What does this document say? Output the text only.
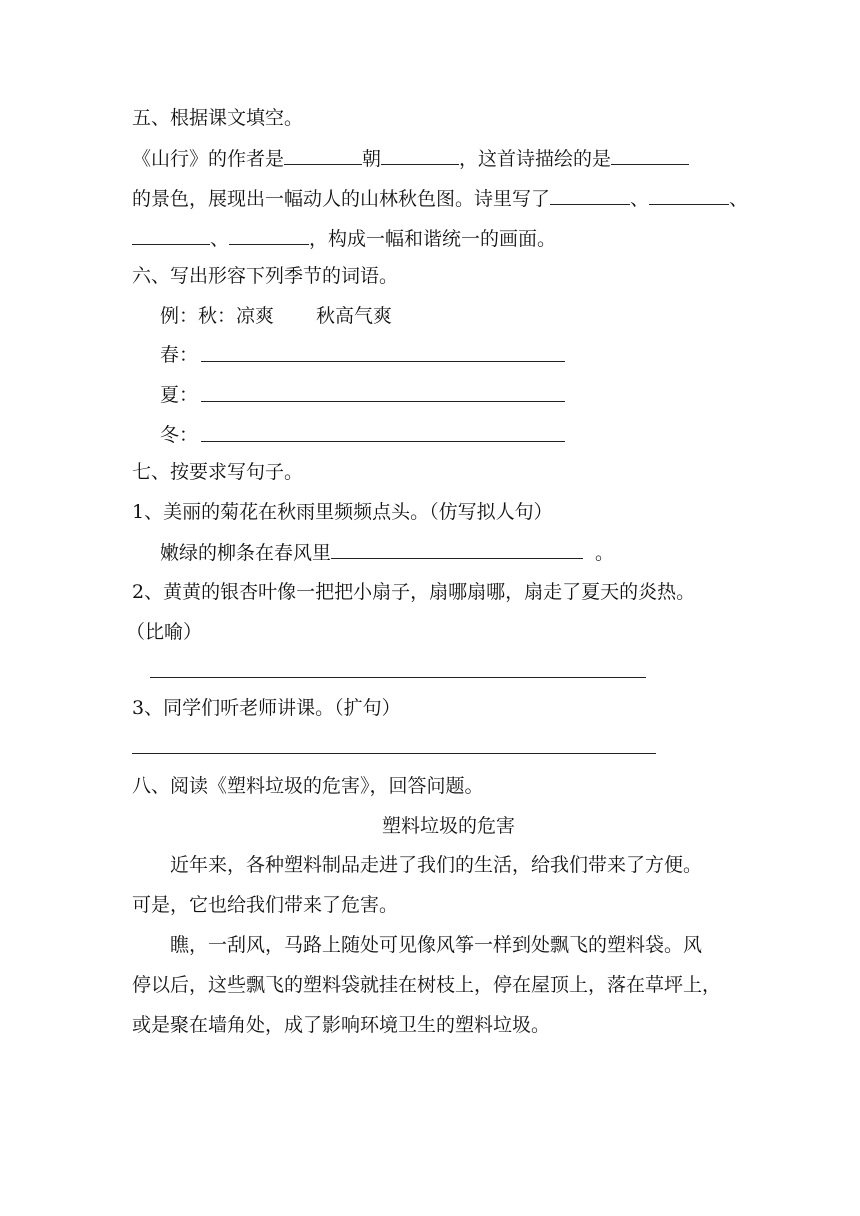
五、根据课文填空。
《山行》的作者是	朝	，这首诗描绘的是
的景色，展现出一幅动人的山林秋色图。诗里写了	、	、
、	，构成一幅和谐统一的画面。
六、写出形容下列季节的词语。
例：秋：凉爽 秋高气爽
春：
夏：
冬：
七、按要求写句子。
1、美丽的菊花在秋雨里频频点头。（仿写拟人句）
嫩绿的柳条在春风里	。
2、黄黄的银杏叶像一把把小扇子，扇哪扇哪，扇走了夏天的炎热。
（比喻）
3、同学们听老师讲课。（扩句）
八、阅读《塑料垃圾的危害》，回答问题。
塑料垃圾的危害
近年来，各种塑料制品走进了我们的生活，给我们带来了方便。
可是，它也给我们带来了危害。
瞧，一刮风，马路上随处可见像风筝一样到处飘飞的塑料袋。风
停以后，这些飘飞的塑料袋就挂在树枝上，停在屋顶上，落在草坪上，
或是聚在墙角处，成了影响环境卫生的塑料垃圾。
